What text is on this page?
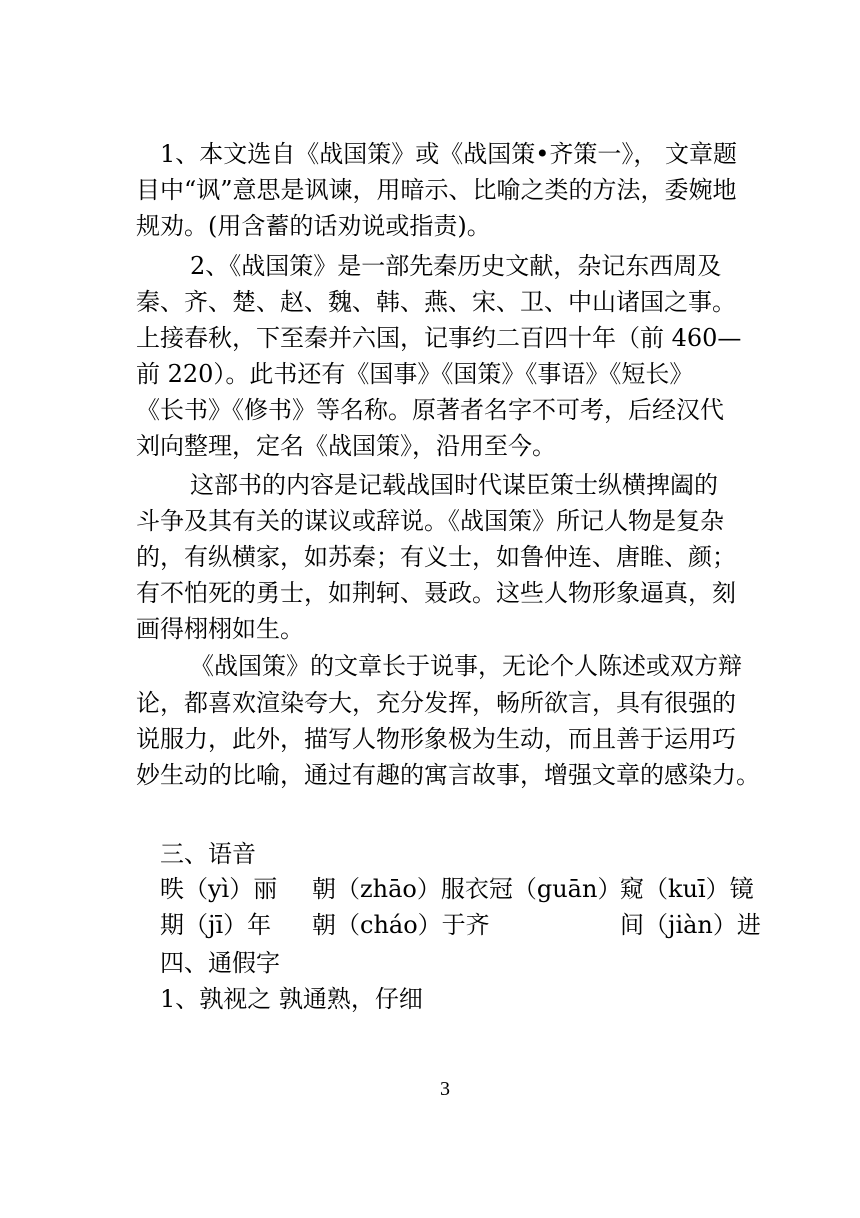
1、本文选自《战国策》或《战国策•齐策一》， 文章题

目中“讽”意思是讽谏，用暗示、比喻之类的方法，委婉地

规劝。(用含蓄的话劝说或指责)。

2、《战国策》是一部先秦历史文献，杂记东西周及

秦、齐、楚、赵、魏、韩、燕、宋、卫、中山诸国之事。

上接春秋，下至秦并六国，记事约二百四十年（前 460—

前 220）。此书还有《国事》《国策》《事语》《短长》

《长书》《修书》等名称。原著者名字不可考，后经汉代

刘向整理，定名《战国策》，沿用至今。

这部书的内容是记载战国时代谋臣策士纵横捭阖的

斗争及其有关的谋议或辞说。《战国策》所记人物是复杂

的，有纵横家，如苏秦；有义士，如鲁仲连、唐睢、颜；

有不怕死的勇士，如荆轲、聂政。这些人物形象逼真，刻

画得栩栩如生。

《战国策》的文章长于说事，无论个人陈述或双方辩

论，都喜欢渲染夸大，充分发挥，畅所欲言，具有很强的

说服力，此外，描写人物形象极为生动，而且善于运用巧

妙生动的比喻，通过有趣的寓言故事，增强文章的感染力。

三、语音

昳（yì）丽 朝（zhāo）服衣冠（guān）
窥（kuī）镜
期（jī）年 朝（cháo）于齐	间（jiàn）进

四、通假字

1、孰视之 孰通熟，仔细

3
